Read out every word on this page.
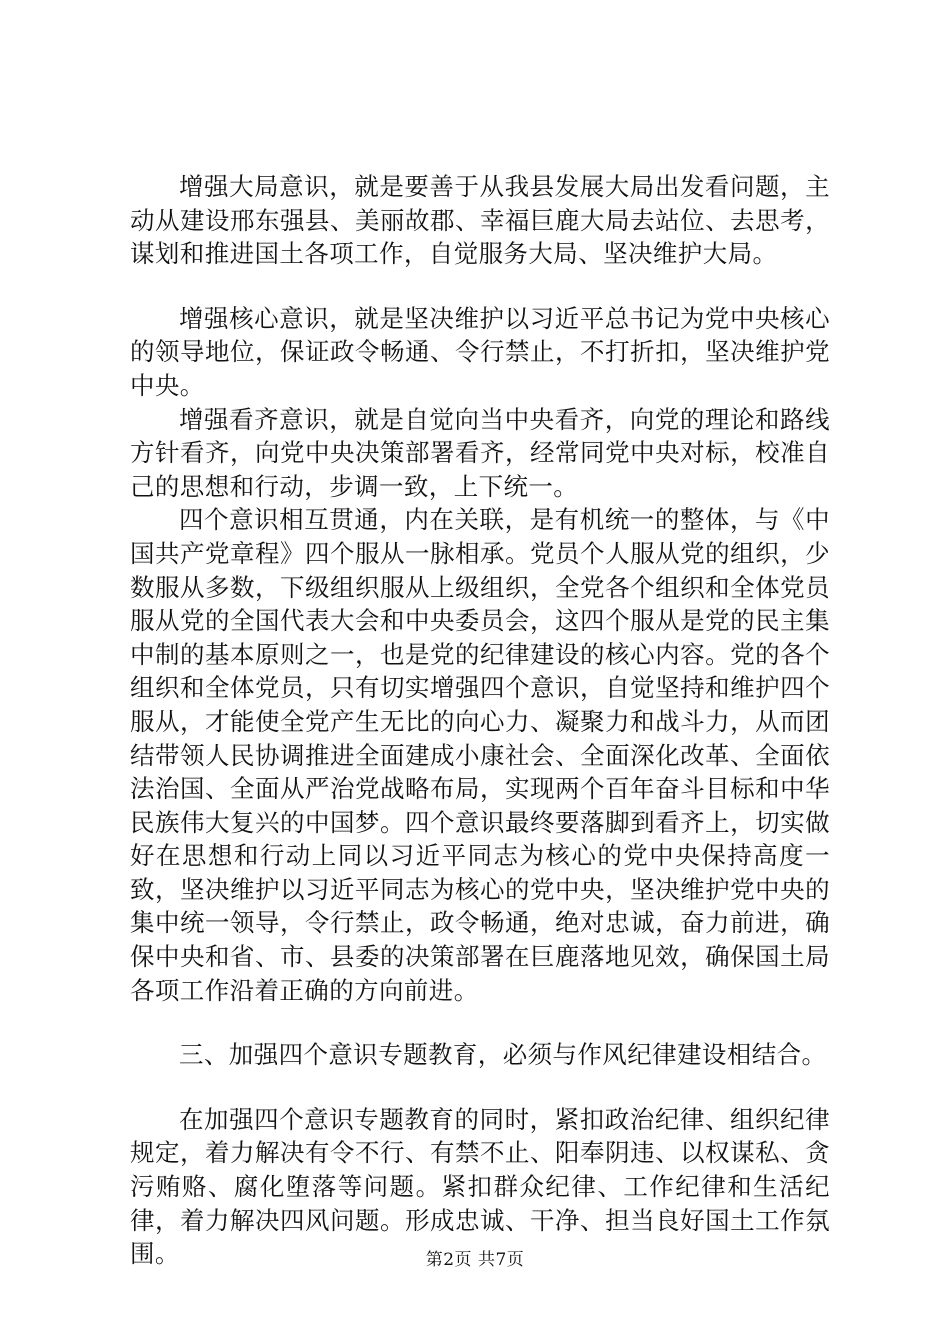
增强大局意识，就是要善于从我县发展大局出发看问题，主动从建设邢东强县、美丽故郡、幸福巨鹿大局去站位、去思考，谋划和推进国土各项工作，自觉服务大局、坚决维护大局。

增强核心意识，就是坚决维护以习近平总书记为党中央核心的领导地位，保证政令畅通、令行禁止，不打折扣，坚决维护党中央。

增强看齐意识，就是自觉向当中央看齐，向党的理论和路线方针看齐，向党中央决策部署看齐，经常同党中央对标，校准自己的思想和行动，步调一致，上下统一。

四个意识相互贯通，内在关联，是有机统一的整体，与《中国共产党章程》四个服从一脉相承。党员个人服从党的组织，少数服从多数，下级组织服从上级组织，全党各个组织和全体党员服从党的全国代表大会和中央委员会，这四个服从是党的民主集中制的基本原则之一，也是党的纪律建设的核心内容。党的各个组织和全体党员，只有切实增强四个意识，自觉坚持和维护四个服从，才能使全党产生无比的向心力、凝聚力和战斗力，从而团结带领人民协调推进全面建成小康社会、全面深化改革、全面依法治国、全面从严治党战略布局，实现两个百年奋斗目标和中华民族伟大复兴的中国梦。四个意识最终要落脚到看齐上，切实做好在思想和行动上同以习近平同志为核心的党中央保持高度一致，坚决维护以习近平同志为核心的党中央，坚决维护党中央的集中统一领导，令行禁止，政令畅通，绝对忠诚，奋力前进，确保中央和省、市、县委的决策部署在巨鹿落地见效，确保国土局各项工作沿着正确的方向前进。

三、加强四个意识专题教育，必须与作风纪律建设相结合。

在加强四个意识专题教育的同时，紧扣政治纪律、组织纪律规定，着力解决有令不行、有禁不止、阳奉阴违、以权谋私、贪污贿赂、腐化堕落等问题。紧扣群众纪律、工作纪律和生活纪律，着力解决四风问题。形成忠诚、干净、担当良好国土工作氛围。	第2页 共7页
